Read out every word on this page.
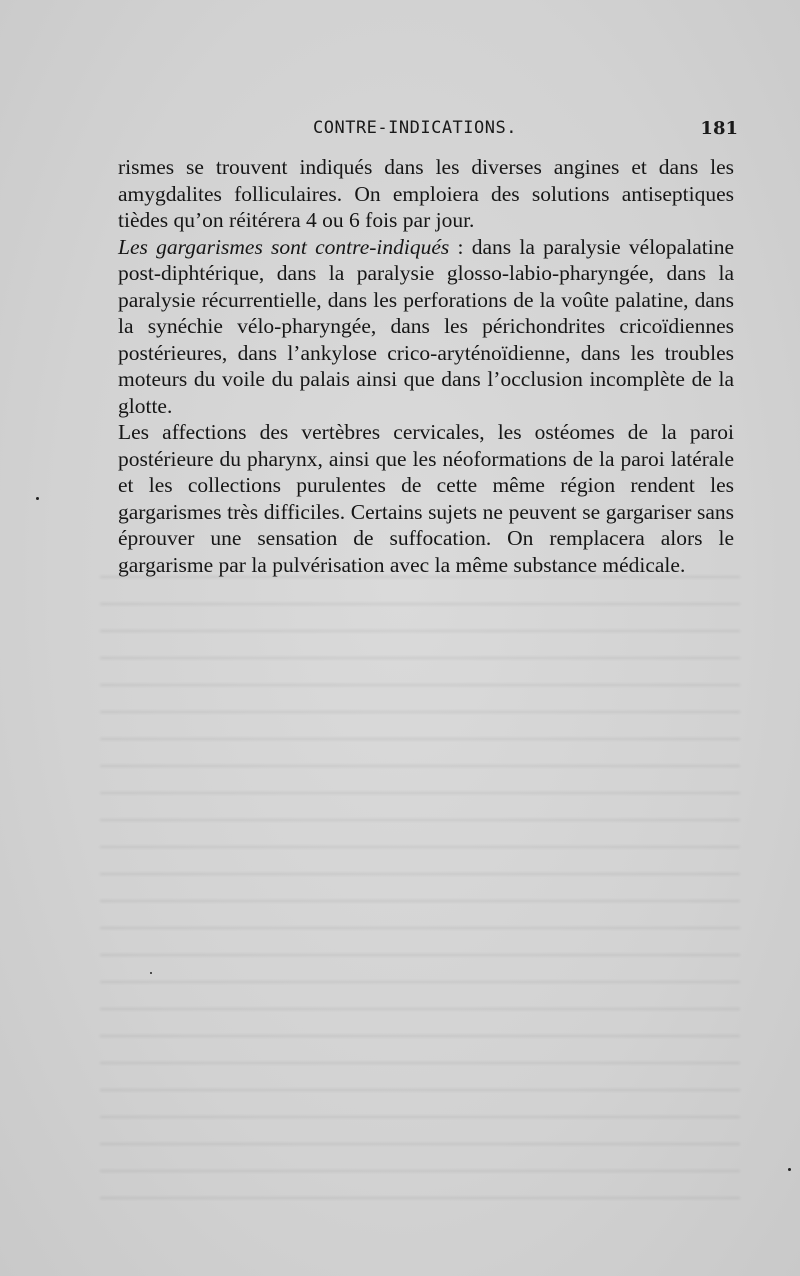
CONTRE-INDICATIONS.	181

rismes se trouvent indiqués dans les diverses angines et dans les amygdalites folliculaires. On emploiera des solutions antiseptiques tièdes qu’on réitérera 4 ou 6 fois par jour.

Les gargarismes sont contre-indiqués : dans la paralysie vélopalatine post-diphtérique, dans la paralysie glosso-labio-pharyngée, dans la paralysie récurrentielle, dans les perforations de la voûte palatine, dans la synéchie vélo-pharyngée, dans les périchondrites cricoïdiennes postérieures, dans l’ankylose crico-aryténoïdienne, dans les troubles moteurs du voile du palais ainsi que dans l’occlusion incomplète de la glotte.

Les affections des vertèbres cervicales, les ostéomes de la paroi postérieure du pharynx, ainsi que les néoformations de la paroi latérale et les collections purulentes de cette même région rendent les gargarismes très difficiles. Certains sujets ne peuvent se gargariser sans éprouver une sensation de suffocation. On remplacera alors le gargarisme par la pulvérisation avec la même substance médicale.
